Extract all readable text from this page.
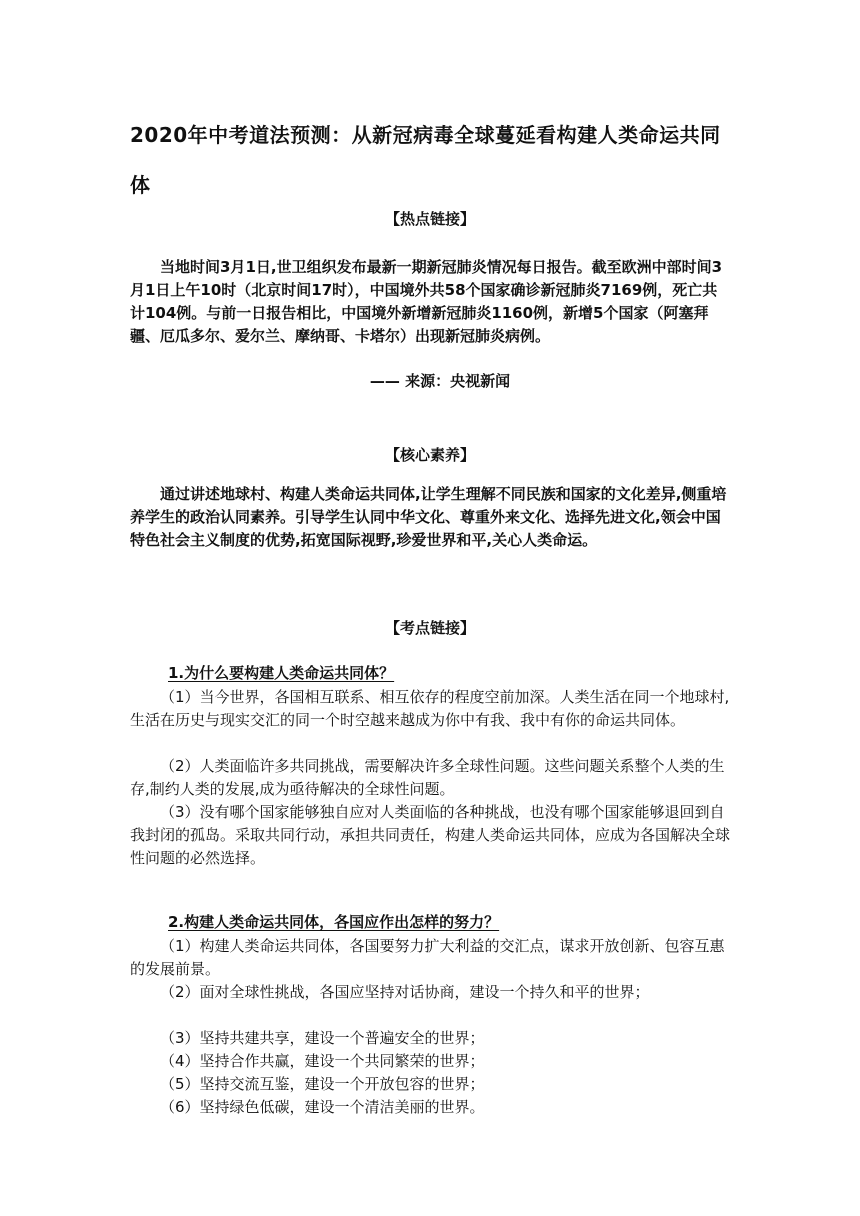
2020年中考道法预测：从新冠病毒全球蔓延看构建人类命运共同体
【热点链接】

当地时间3月1日,世卫组织发布最新一期新冠肺炎情况每日报告。截至欧洲中部时间3月1日上午10时（北京时间17时），中国境外共58个国家确诊新冠肺炎7169例，死亡共计104例。与前一日报告相比，中国境外新增新冠肺炎1160例，新增5个国家（阿塞拜疆、厄瓜多尔、爱尔兰、摩纳哥、卡塔尔）出现新冠肺炎病例。

—— 来源：央视新闻
【核心素养】

通过讲述地球村、构建人类命运共同体,让学生理解不同民族和国家的文化差异,侧重培养学生的政治认同素养。引导学生认同中华文化、尊重外来文化、选择先进文化,领会中国特色社会主义制度的优势,拓宽国际视野,珍爱世界和平,关心人类命运。

【考点链接】
1.为什么要构建人类命运共同体？

（1）当今世界，各国相互联系、相互依存的程度空前加深。人类生活在同一个地球村,生活在历史与现实交汇的同一个时空越来越成为你中有我、我中有你的命运共同体。

（2）人类面临许多共同挑战，需要解决许多全球性问题。这些问题关系整个人类的生存,制约人类的发展,成为亟待解决的全球性问题。

（3）没有哪个国家能够独自应对人类面临的各种挑战，也没有哪个国家能够退回到自我封闭的孤岛。采取共同行动，承担共同责任，构建人类命运共同体，应成为各国解决全球性问题的必然选择。

2.构建人类命运共同体，各国应作出怎样的努力？

（1）构建人类命运共同体，各国要努力扩大利益的交汇点，谋求开放创新、包容互惠的发展前景。

（2）面对全球性挑战，各国应坚持对话协商，建设一个持久和平的世界；

（3）坚持共建共享，建设一个普遍安全的世界；

（4）坚持合作共赢，建设一个共同繁荣的世界；

（5）坚持交流互鉴，建设一个开放包容的世界；

（6）坚持绿色低碳，建设一个清洁美丽的世界。
